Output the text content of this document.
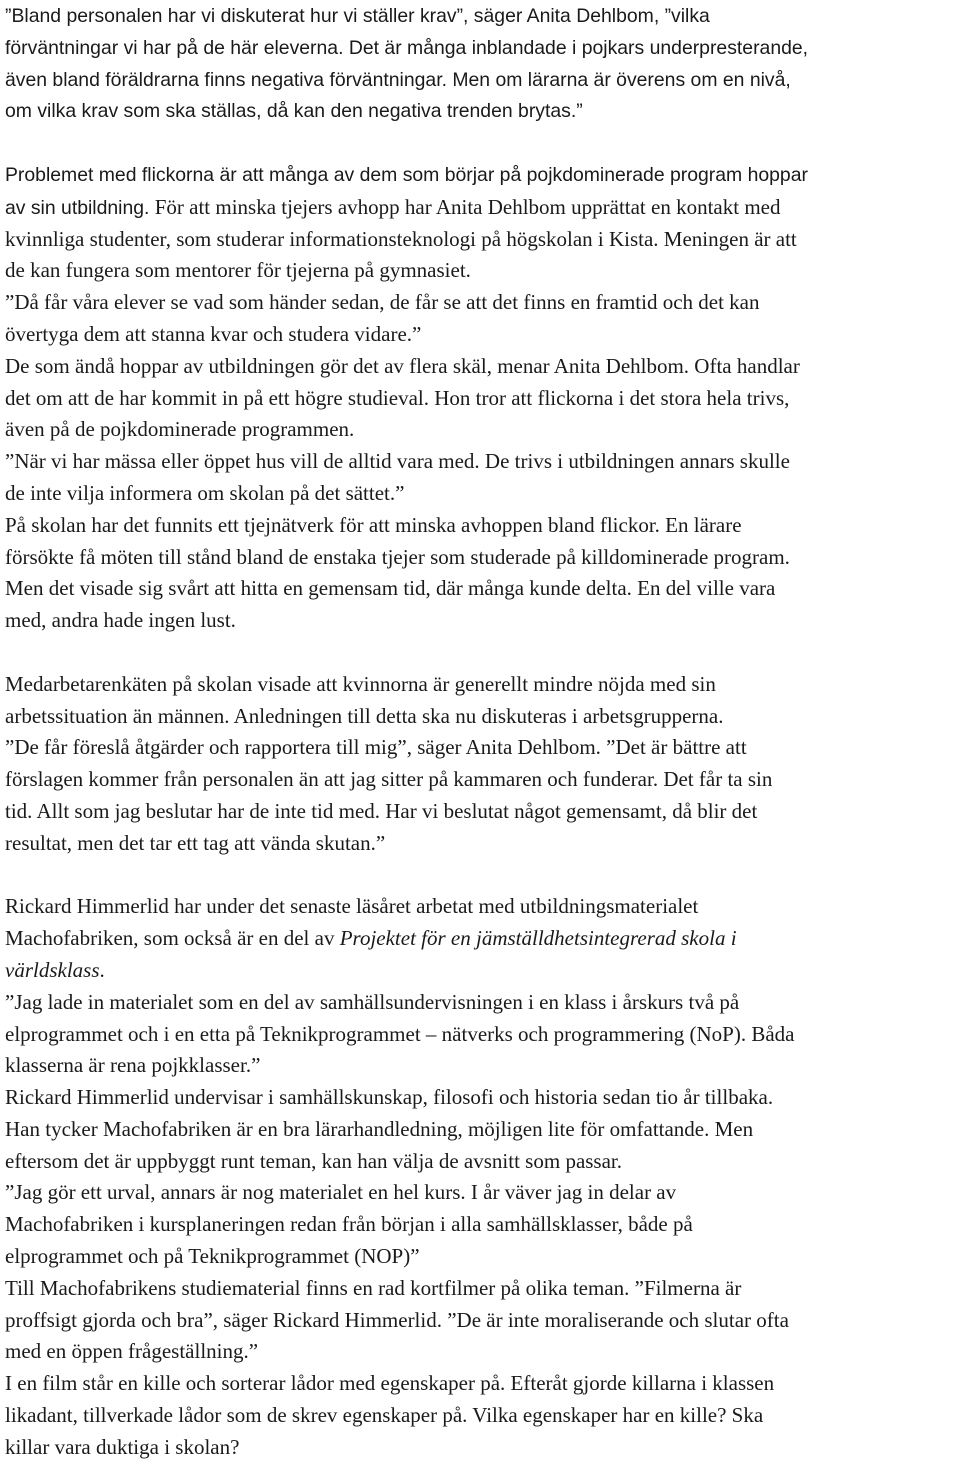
”Bland personalen har vi diskuterat hur vi ställer krav”, säger Anita Dehlbom, ”vilka
förväntningar vi har på de här eleverna. Det är många inblandade i pojkars underpresterande,
även bland föräldrarna finns negativa förväntningar. Men om lärarna är överens om en nivå,
om vilka krav som ska ställas, då kan den negativa trenden brytas.”
Problemet med flickorna är att många av dem som börjar på pojkdominerade program hoppar
av sin utbildning. För att minska tjejers avhopp har Anita Dehlbom upprättat en kontakt med
kvinnliga studenter, som studerar informationsteknologi på högskolan i Kista. Meningen är att
de kan fungera som mentorer för tjejerna på gymnasiet.
”Då får våra elever se vad som händer sedan, de får se att det finns en framtid och det kan
övertyga dem att stanna kvar och studera vidare.”
De som ändå hoppar av utbildningen gör det av flera skäl, menar Anita Dehlbom. Ofta handlar
det om att de har kommit in på ett högre studieval. Hon tror att flickorna i det stora hela trivs,
även på de pojkdominerade programmen.
”När vi har mässa eller öppet hus vill de alltid vara med. De trivs i utbildningen annars skulle
de inte vilja informera om skolan på det sättet.”
På skolan har det funnits ett tjejnätverk för att minska avhoppen bland flickor. En lärare
försökte få möten till stånd bland de enstaka tjejer som studerade på killdominerade program.
Men det visade sig svårt att hitta en gemensam tid, där många kunde delta. En del ville vara
med, andra hade ingen lust.
Medarbetarenkäten på skolan visade att kvinnorna är generellt mindre nöjda med sin
arbetssituation än männen. Anledningen till detta ska nu diskuteras i arbetsgrupperna.
”De får föreslå åtgärder och rapportera till mig”, säger Anita Dehlbom. ”Det är bättre att
förslagen kommer från personalen än att jag sitter på kammaren och funderar. Det får ta sin
tid. Allt som jag beslutar har de inte tid med. Har vi beslutat något gemensamt, då blir det
resultat, men det tar ett tag att vända skutan.”
Rickard Himmerlid har under det senaste läsåret arbetat med utbildningsmaterialet
Machofabriken, som också är en del av Projektet för en jämställdhetsintegrerad skola i
världsklass.
”Jag lade in materialet som en del av samhällsundervisningen i en klass i årskurs två på
elprogrammet och i en etta på Teknikprogrammet – nätverks och programmering (NoP). Båda
klasserna är rena pojkklasser.”
Rickard Himmerlid undervisar i samhällskunskap, filosofi och historia sedan tio år tillbaka.
Han tycker Machofabriken är en bra lärarhandledning, möjligen lite för omfattande. Men
eftersom det är uppbyggt runt teman, kan han välja de avsnitt som passar.
”Jag gör ett urval, annars är nog materialet en hel kurs. I år väver jag in delar av
Machofabriken i kursplaneringen redan från början i alla samhällsklasser, både på
elprogrammet och på Teknikprogrammet (NOP)”
Till Machofabrikens studiematerial finns en rad kortfilmer på olika teman. ”Filmerna är
proffsigt gjorda och bra”, säger Rickard Himmerlid. ”De är inte moraliserande och slutar ofta
med en öppen frågeställning.”
I en film står en kille och sorterar lådor med egenskaper på. Efteråt gjorde killarna i klassen
likadant, tillverkade lådor som de skrev egenskaper på. Vilka egenskaper har en kille? Ska
killar vara duktiga i skolan?
